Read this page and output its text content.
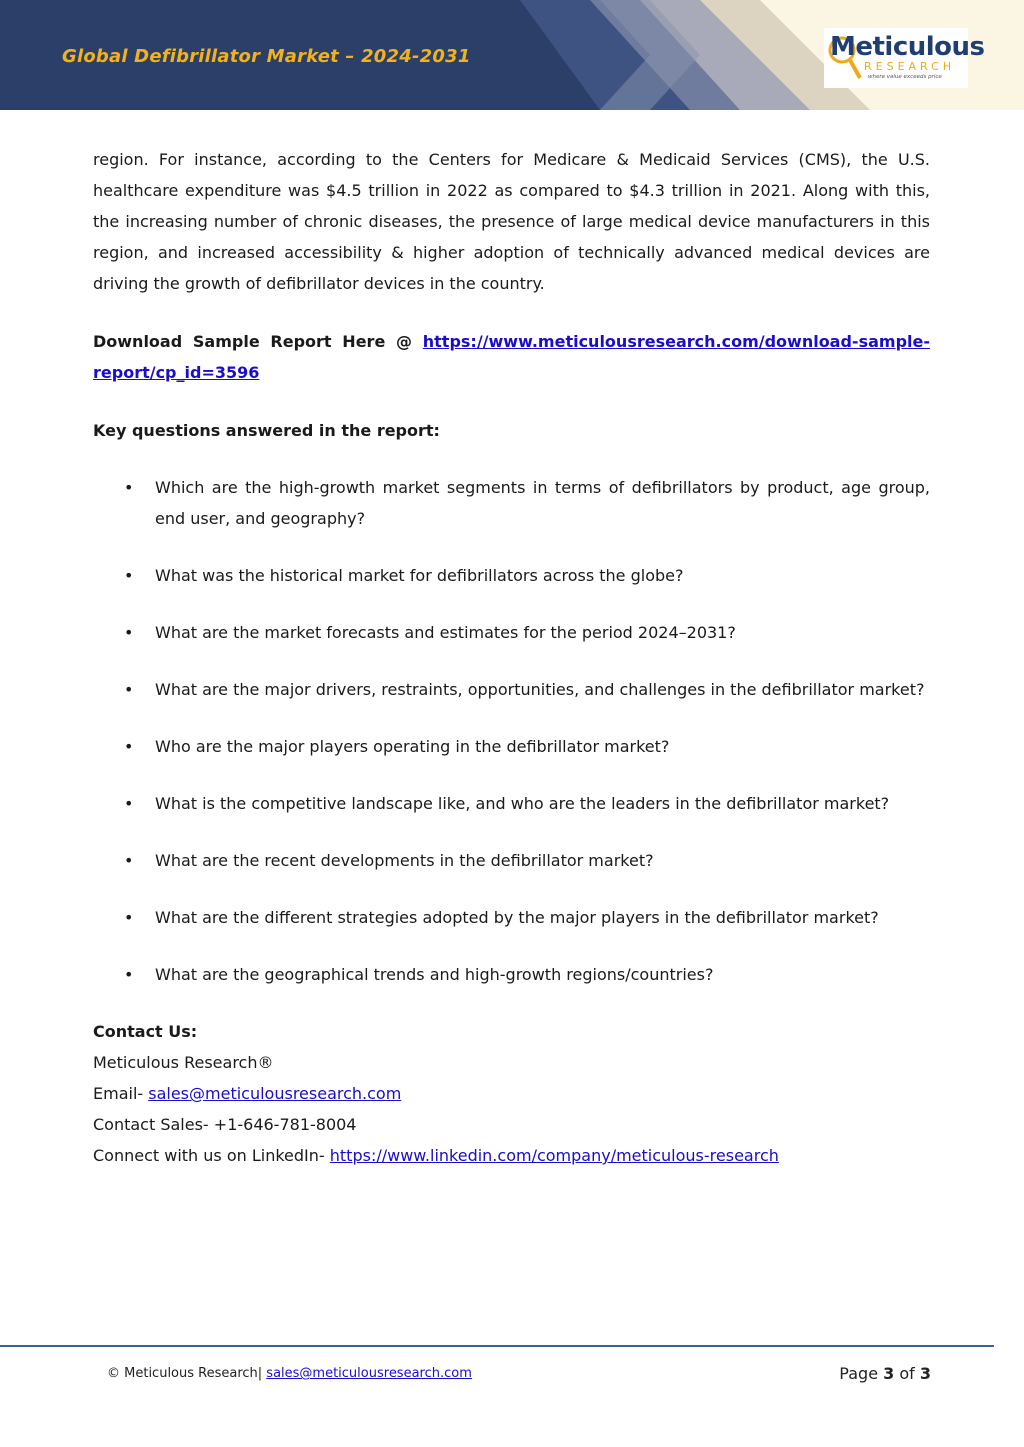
Global Defibrillator Market – 2024-2031	Meticulous
RESEARCH
where value exceeds price

region. For instance, according to the Centers for Medicare & Medicaid Services (CMS), the U.S. healthcare expenditure was $4.5 trillion in 2022 as compared to $4.3 trillion in 2021. Along with this, the increasing number of chronic diseases, the presence of large medical device manufacturers in this region, and increased accessibility & higher adoption of technically advanced medical devices are driving the growth of defibrillator devices in the country.

Download Sample Report Here @ https://www.meticulousresearch.com/download-sample-report/cp_id=3596

Key questions answered in the report:

• Which are the high-growth market segments in terms of defibrillators by product, age group, end user, and geography?
• What was the historical market for defibrillators across the globe?
• What are the market forecasts and estimates for the period 2024–2031?
• What are the major drivers, restraints, opportunities, and challenges in the defibrillator market?
• Who are the major players operating in the defibrillator market?
• What is the competitive landscape like, and who are the leaders in the defibrillator market?
• What are the recent developments in the defibrillator market?
• What are the different strategies adopted by the major players in the defibrillator market?
• What are the geographical trends and high-growth regions/countries?

Contact Us:

Meticulous Research®

Email- sales@meticulousresearch.com

Contact Sales- +1-646-781-8004

Connect with us on LinkedIn- https://www.linkedin.com/company/meticulous-research

© Meticulous Research| sales@meticulousresearch.com	Page 3 of 3
